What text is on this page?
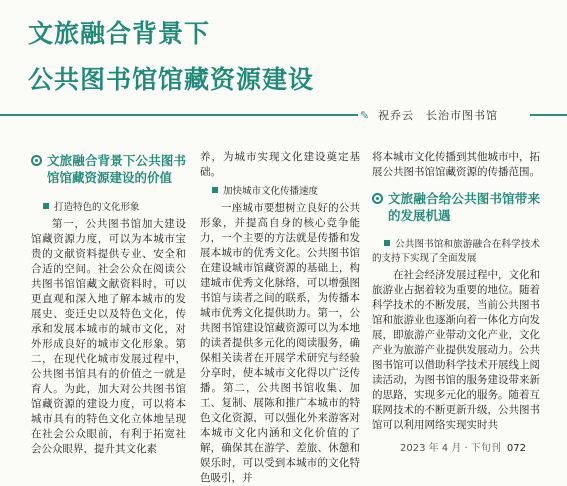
文旅融合背景下
公共图书馆馆藏资源建设
✎ 祝乔云　长治市图书馆
文旅融合背景下公共图书馆馆藏资源建设的价值
打造特色的文化形象

第一，公共图书馆加大建设馆藏资源力度，可以为本城市宝贵的文献资料提供专业、安全和合适的空间。社会公众在阅读公共图书馆馆藏文献资料时，可以更直观和深入地了解本城市的发展史、变迁史以及特色文化，传承和发展本城市的城市文化，对外形成良好的城市文化形象。第二，在现代化城市发展过程中，公共图书馆具有的价值之一就是育人。为此，加大对公共图书馆馆藏资源的建设力度，可以将本城市具有的特色文化立体地呈现在社会公众眼前，有利于拓宽社会公众眼界，提升其文化素

养，为城市实现文化建设奠定基础。

加快城市文化传播速度

一座城市要想树立良好的公共形象，并提高自身的核心竞争能力，一个主要的方法就是传播和发展本城市的优秀文化。公共图书馆在建设城市馆藏资源的基础上，构建城市优秀文化脉络，可以增强图书馆与读者之间的联系，为传播本城市优秀文化提供助力。第一，公共图书馆建设馆藏资源可以为本地的读者提供多元化的阅读服务，确保相关读者在开展学术研究与经验分享时，使本城市文化得以广泛传播。第二，公共图书馆收集、加工、复制、展陈和推广本城市的特色文化资源，可以强化外来游客对本城市文化内涵和文化价值的了解，确保其在游学、差旅、休憩和娱乐时，可以受到本城市的文化特色吸引，并

将本城市文化传播到其他城市中，拓展公共图书馆馆藏资源的传播范围。

文旅融合给公共图书馆带来的发展机遇
公共图书馆和旅游融合在科学技术的支持下实现了全面发展

在社会经济发展过程中，文化和旅游业占据着较为重要的地位。随着科学技术的不断发展，当前公共图书馆和旅游业也逐渐向着一体化方向发展，即旅游产业带动文化产业，文化产业为旅游产业提供发展动力。公共图书馆可以借助科学技术开展线上阅读活动，为图书馆的服务建设带来新的思路，实现多元化的服务。随着互联网技术的不断更新升级，公共图书馆可以利用网络实现实时共

2023 年 4 月 · 下旬刊 072
